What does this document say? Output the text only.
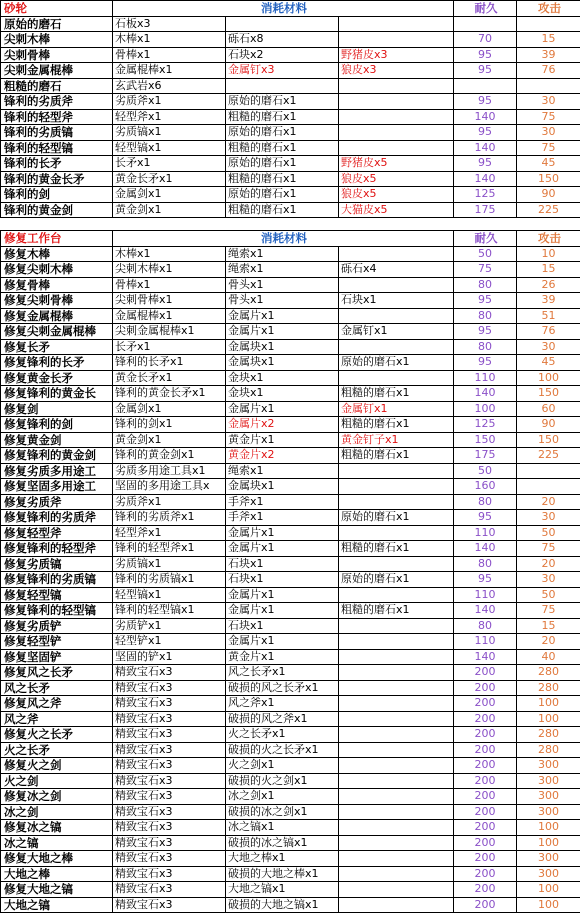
砂轮	消耗材料			耐久	攻击
原始的磨石	石板x3				
尖刺木棒	木棒x1	砾石x8		70	15
尖刺骨棒	骨棒x1	石块x2	野猪皮x3	95	39
尖刺金属棍棒	金属棍棒x1	金属钉x3	狼皮x3	95	76
粗糙的磨石	玄武岩x6				
锋利的劣质斧	劣质斧x1	原始的磨石x1		95	30
锋利的轻型斧	轻型斧x1	粗糙的磨石x1		140	75
锋利的劣质镐	劣质镐x1	原始的磨石x1		95	30
锋利的轻型镐	轻型镐x1	粗糙的磨石x1		140	75
锋利的长矛	长矛x1	原始的磨石x1	野猪皮x5	95	45
锋利的黄金长矛	黄金长矛x1	粗糙的磨石x1	狼皮x5	140	150
锋利的剑	金属剑x1	原始的磨石x1	狼皮x5	125	90
锋利的黄金剑	黄金剑x1	粗糙的磨石x1	大猫皮x5	175	225
修复工作台	消耗材料			耐久	攻击
修复木棒	木棒x1	绳索x1		50	10
修复尖刺木棒	尖刺木棒x1	绳索x1	砾石x4	75	15
修复骨棒	骨棒x1	骨头x1		80	26
修复尖刺骨棒	尖刺骨棒x1	骨头x1	石块x1	95	39
修复金属棍棒	金属棍棒x1	金属片x1		80	51
修复尖刺金属棍棒	尖刺金属棍棒x1	金属片x1	金属钉x1	95	76
修复长矛	长矛x1	金属块x1		80	30
修复锋利的长矛	锋利的长矛x1	金属块x1	原始的磨石x1	95	45
修复黄金长矛	黄金长矛x1	金块x1		110	100
修复锋利的黄金长	锋利的黄金长矛x1	金块x1	粗糙的磨石x1	140	150
修复剑	金属剑x1	金属片x1	金属钉x1	100	60
修复锋利的剑	锋利的剑x1	金属片x2	粗糙的磨石x1	125	90
修复黄金剑	黄金剑x1	黄金片x1	黄金钉子x1	150	150
修复锋利的黄金剑	锋利的黄金剑x1	黄金片x2	粗糙的磨石x1	175	225
修复劣质多用途工	劣质多用途工具x1	绳索x1		50	
修复坚固多用途工	坚固的多用途工具x	金属块x1		160	
修复劣质斧	劣质斧x1	手斧x1		80	20
修复锋利的劣质斧	锋利的劣质斧x1	手斧x1	原始的磨石x1	95	30
修复轻型斧	轻型斧x1	金属片x1		110	50
修复锋利的轻型斧	锋利的轻型斧x1	金属片x1	粗糙的磨石x1	140	75
修复劣质镐	劣质镐x1	石块x1		80	20
修复锋利的劣质镐	锋利的劣质镐x1	石块x1	原始的磨石x1	95	30
修复轻型镐	轻型镐x1	金属片x1		110	50
修复锋利的轻型镐	锋利的轻型镐x1	金属片x1	粗糙的磨石x1	140	75
修复劣质铲	劣质铲x1	石块x1		80	15
修复轻型铲	轻型铲x1	金属片x1		110	20
修复坚固铲	坚固的铲x1	黄金片x1		140	40
修复风之长矛	精致宝石x3	风之长矛x1		200	280
风之长矛	精致宝石x3	破损的风之长矛x1		200	280
修复风之斧	精致宝石x3	风之斧x1		200	100
风之斧	精致宝石x3	破损的风之斧x1		200	100
修复火之长矛	精致宝石x3	火之长矛x1		200	280
火之长矛	精致宝石x3	破损的火之长矛x1		200	280
修复火之剑	精致宝石x3	火之剑x1		200	300
火之剑	精致宝石x3	破损的火之剑x1		200	300
修复冰之剑	精致宝石x3	冰之剑x1		200	300
冰之剑	精致宝石x3	破损的冰之剑x1		200	300
修复冰之镐	精致宝石x3	冰之镐x1		200	100
冰之镐	精致宝石x3	破损的冰之镐x1		200	100
修复大地之棒	精致宝石x3	大地之棒x1		200	300
大地之棒	精致宝石x3	破损的大地之棒x1		200	300
修复大地之镐	精致宝石x3	大地之镐x1		200	100
大地之镐	精致宝石x3	破损的大地之镐x1		200	100
